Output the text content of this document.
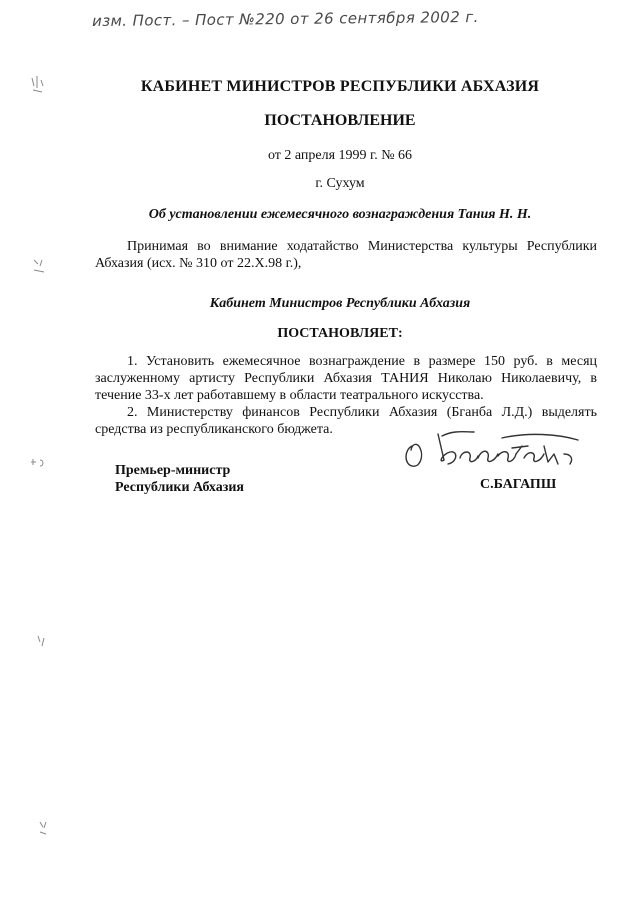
изм. Пост. – Пост №220 от 26 сентября 2002 г.
КАБИНЕТ МИНИСТРОВ РЕСПУБЛИКИ АБХАЗИЯ
ПОСТАНОВЛЕНИЕ
от 2 апреля 1999 г. № 66
г. Сухум
Об установлении ежемесячного вознаграждения Тания Н. Н.
Принимая во внимание ходатайство Министерства культуры Республики Абхазия (исх. № 310 от 22.X.98 г.),
Кабинет Министров Республики Абхазия
ПОСТАНОВЛЯЕТ:
1. Установить ежемесячное вознаграждение в размере 150 руб. в месяц заслуженному артисту Республики Абхазия ТАНИЯ Николаю Николаевичу, в течение 33-х лет работавшему в области театрального искусства.
2. Министерству финансов Республики Абхазия (Бганба Л.Д.) выделять средства из республиканского бюджета.
Премьер-министр
Республики Абхазия	С.БАГАПШ
